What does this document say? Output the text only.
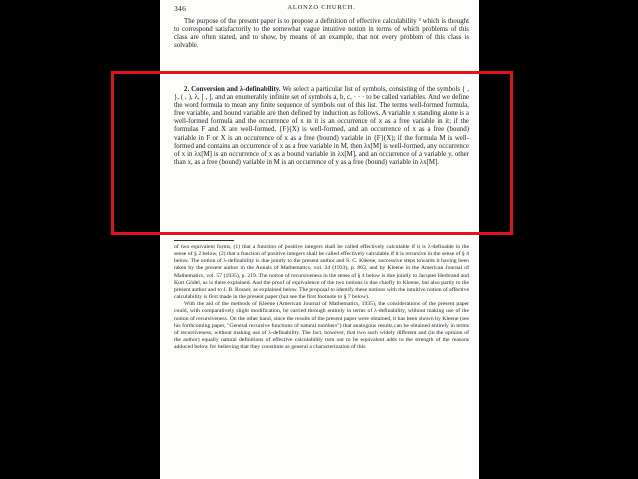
346	ALONZO CHURCH.

The purpose of the present paper is to propose a definition of effective calculability ³ which is thought to correspond satisfactorily to the somewhat vague intuitive notion in terms of which problems of this class are often stated, and to show, by means of an example, that not every problem of this class is solvable.

2. Conversion and λ-definability. We select a particular list of symbols, consisting of the symbols { , }, ( , ), λ, [ , ], and an enumerably infinite set of symbols a, b, c, · · · to be called variables. And we define the word formula to mean any finite sequence of symbols out of this list. The terms well-formed formula, free variable, and bound variable are then defined by induction as follows. A variable x standing alone is a well-formed formula and the occurrence of x in it is an occurrence of x as a free variable in it; if the formulas F and X are well-formed, {F}(X) is well-formed, and an occurrence of x as a free (bound) variable in F or X is an occurrence of x as a free (bound) variable in {F}(X); if the formula M is well-formed and contains an occurrence of x as a free variable in M, then λx[M] is well-formed, any occurrence of x in λx[M] is an occurrence of x as a bound variable in λx[M], and an occurrence of a variable y, other than x, as a free (bound) variable in M is an occurrence of y as a free (bound) variable in λx[M].

of two equivalent forms, (1) that a function of positive integers shall be called effectively calculable if it is λ-definable in the sense of § 2 below, (2) that a function of positive integers shall be called effectively calculable if it is recursive in the sense of § 4 below. The notion of λ-definability is due jointly to the present author and S. C. Kleene, successive steps towards it having been taken by the present author in the Annals of Mathematics, vol. 34 (1933), p. 863, and by Kleene in the American Journal of Mathematics, vol. 57 (1935), p. 219. The notion of recursiveness in the sense of § 4 below is due jointly to Jacques Herbrand and Kurt Gödel, as is there explained. And the proof of equivalence of the two notions is due chiefly to Kleene, but also partly to the present author and to J. B. Rosser, as explained below. The proposal to identify these notions with the intuitive notion of effective calculability is first made in the present paper (but see the first footnote to § 7 below).

With the aid of the methods of Kleene (American Journal of Mathematics, 1935), the considerations of the present paper could, with comparatively slight modification, be carried through entirely in terms of λ-definability, without making use of the notion of recursiveness. On the other hand, since the results of the present paper were obtained, it has been shown by Kleene (see his forthcoming paper, "General recursive functions of natural numbers") that analogous results can be obtained entirely in terms of recursiveness, without making use of λ-definability. The fact, however, that two such widely different and (in the opinion of the author) equally natural definitions of effective calculability turn out to be equivalent adds to the strength of the reasons adduced below for believing that they constitute as general a characterization of this
